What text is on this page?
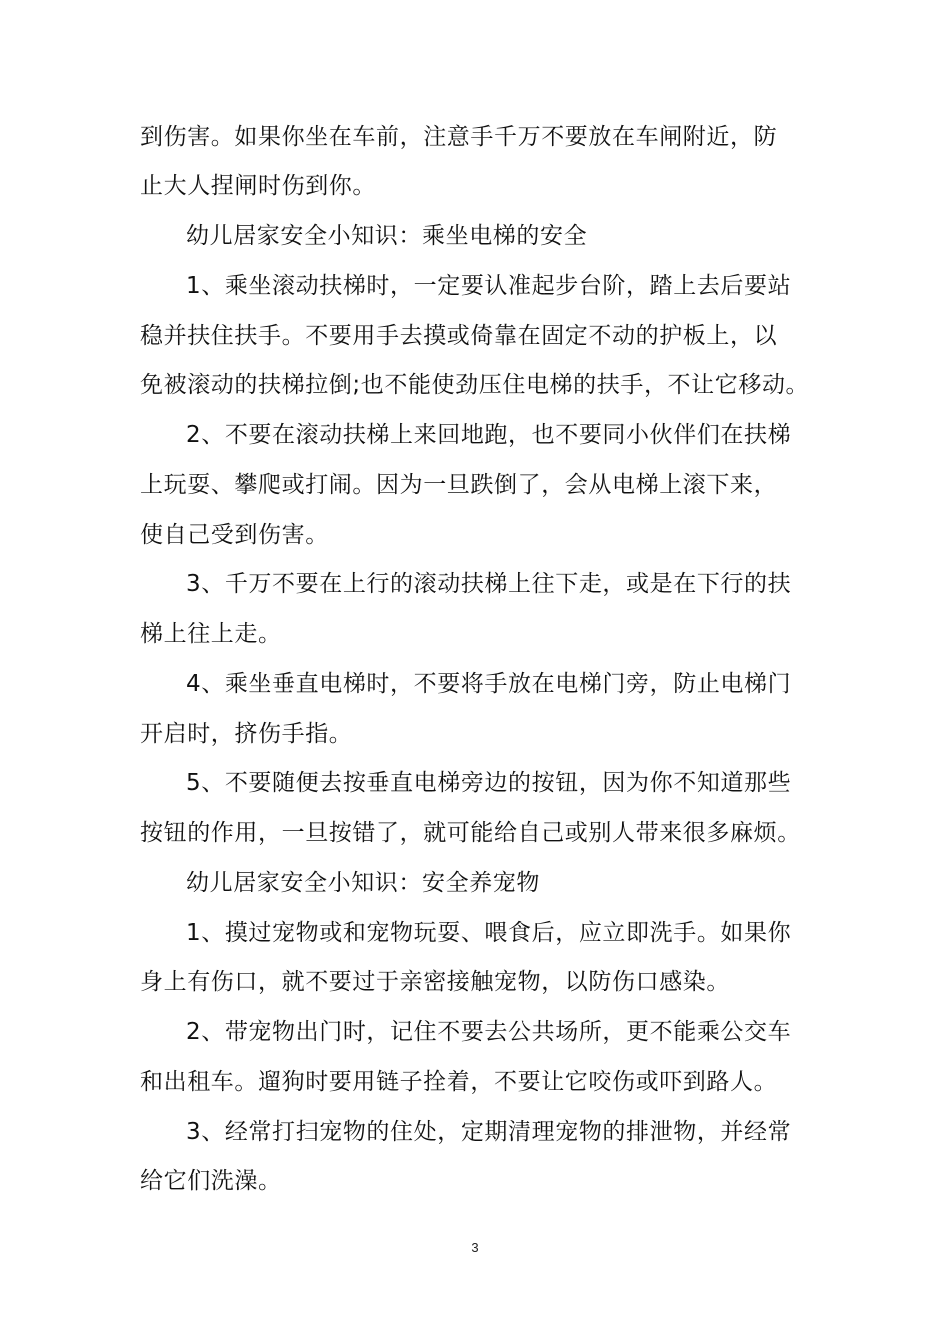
到伤害。如果你坐在车前，注意手千万不要放在车闸附近，防
止大人捏闸时伤到你。
幼儿居家安全小知识：乘坐电梯的安全
1、乘坐滚动扶梯时，一定要认准起步台阶，踏上去后要站
稳并扶住扶手。不要用手去摸或倚靠在固定不动的护板上，以
免被滚动的扶梯拉倒;也不能使劲压住电梯的扶手，不让它移动。
2、不要在滚动扶梯上来回地跑，也不要同小伙伴们在扶梯
上玩耍、攀爬或打闹。因为一旦跌倒了，会从电梯上滚下来，
使自己受到伤害。
3、千万不要在上行的滚动扶梯上往下走，或是在下行的扶
梯上往上走。
4、乘坐垂直电梯时，不要将手放在电梯门旁，防止电梯门
开启时，挤伤手指。
5、不要随便去按垂直电梯旁边的按钮，因为你不知道那些
按钮的作用，一旦按错了，就可能给自己或别人带来很多麻烦。
幼儿居家安全小知识：安全养宠物
1、摸过宠物或和宠物玩耍、喂食后，应立即洗手。如果你
身上有伤口，就不要过于亲密接触宠物，以防伤口感染。
2、带宠物出门时，记住不要去公共场所，更不能乘公交车
和出租车。遛狗时要用链子拴着，不要让它咬伤或吓到路人。
3、经常打扫宠物的住处，定期清理宠物的排泄物，并经常
给它们洗澡。
3
